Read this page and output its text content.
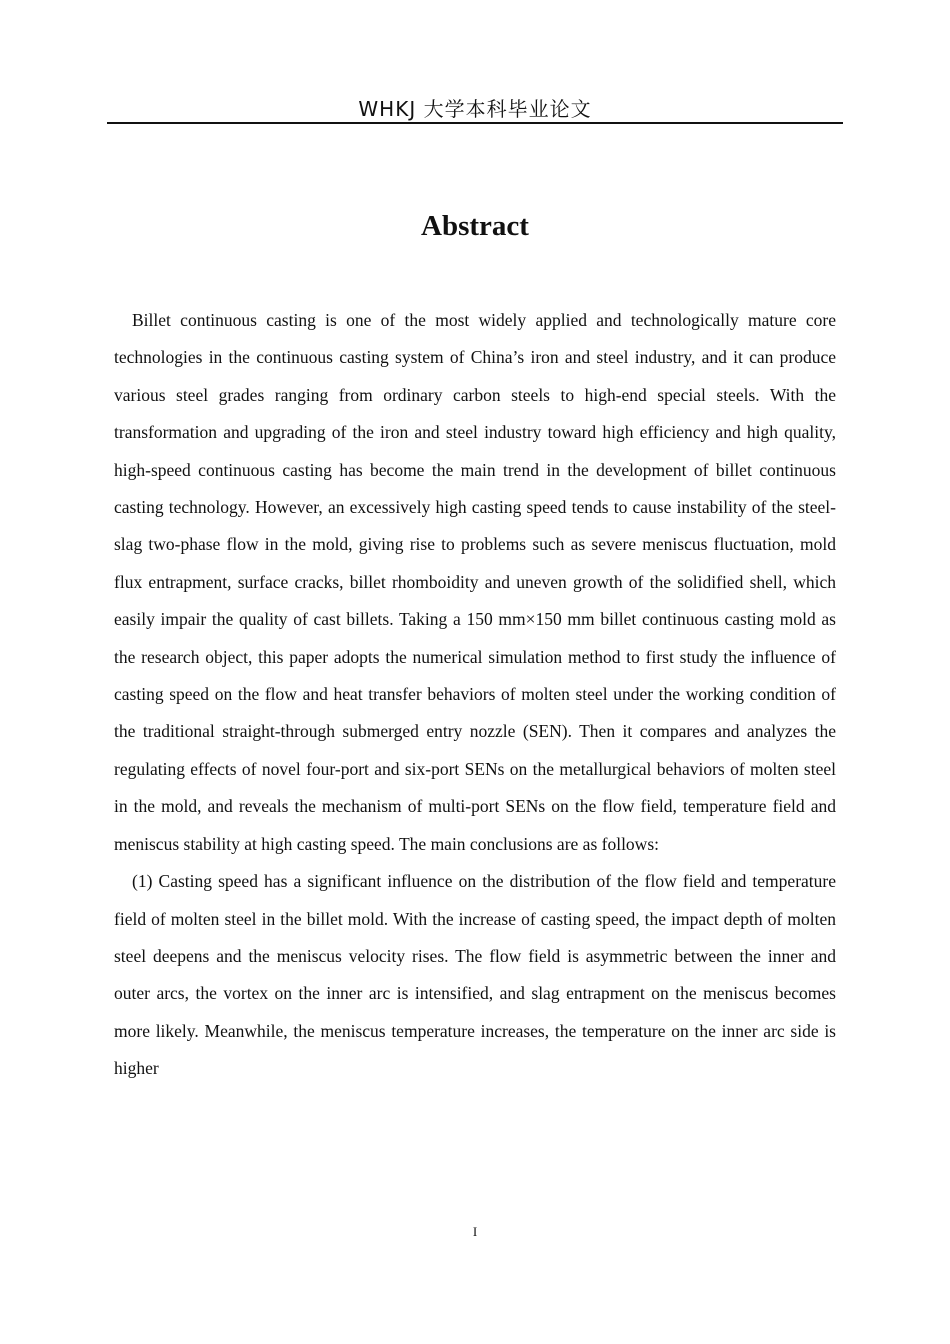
WHKJ 大学本科毕业论文
Abstract

Billet continuous casting is one of the most widely applied and technologically mature core technologies in the continuous casting system of China’s iron and steel industry, and it can produce various steel grades ranging from ordinary carbon steels to high-end special steels. With the transformation and upgrading of the iron and steel industry toward high efficiency and high quality, high-speed continuous casting has become the main trend in the development of billet continuous casting technology. However, an excessively high casting speed tends to cause instability of the steel-slag two-phase flow in the mold, giving rise to problems such as severe meniscus fluctuation, mold flux entrapment, surface cracks, billet rhomboidity and uneven growth of the solidified shell, which easily impair the quality of cast billets. Taking a 150 mm×150 mm billet continuous casting mold as the research object, this paper adopts the numerical simulation method to first study the influence of casting speed on the flow and heat transfer behaviors of molten steel under the working condition of the traditional straight-through submerged entry nozzle (SEN). Then it compares and analyzes the regulating effects of novel four-port and six-port SENs on the metallurgical behaviors of molten steel in the mold, and reveals the mechanism of multi-port SENs on the flow field, temperature field and meniscus stability at high casting speed. The main conclusions are as follows:

(1) Casting speed has a significant influence on the distribution of the flow field and temperature field of molten steel in the billet mold. With the increase of casting speed, the impact depth of molten steel deepens and the meniscus velocity rises. The flow field is asymmetric between the inner and outer arcs, the vortex on the inner arc is intensified, and slag entrapment on the meniscus becomes more likely. Meanwhile, the meniscus temperature increases, the temperature on the inner arc side is higher

I
